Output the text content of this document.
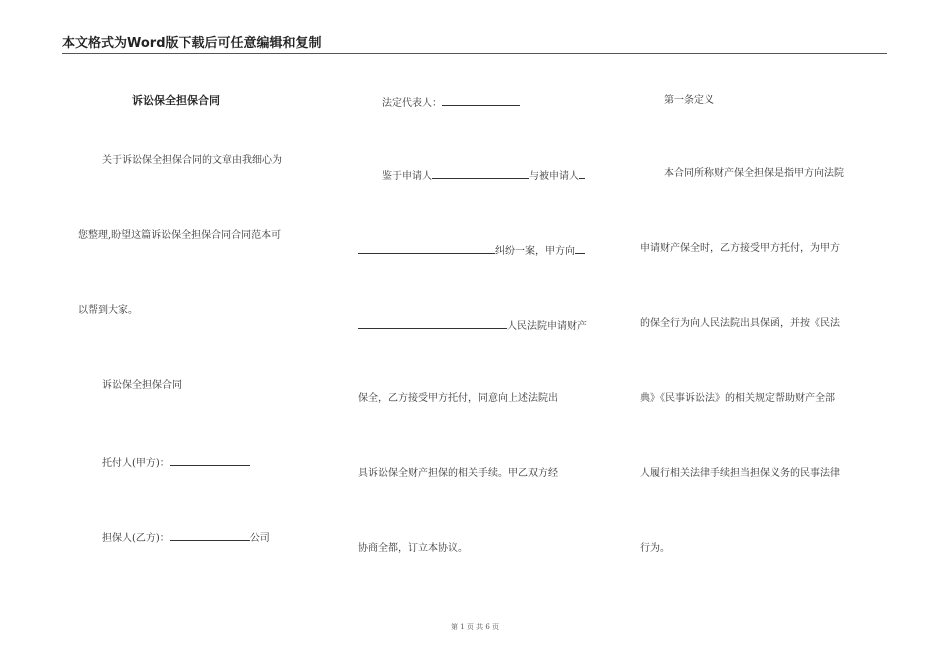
本文格式为Word版下载后可任意编辑和复制
诉讼保全担保合同
关于诉讼保全担保合同的文章由我细心为
您整理,盼望这篇诉讼保全担保合同合同范本可
以帮到大家。
诉讼保全担保合同
托付人(甲方)：
担保人(乙方)：	公司
法定代表人：
鉴于申请人	与被申请人
纠纷一案，甲方向
人民法院申请财产
保全，乙方接受甲方托付，同意向上述法院出
具诉讼保全财产担保的相关手续。甲乙双方经
协商全都，订立本协议。
第一条定义
本合同所称财产保全担保是指甲方向法院
申请财产保全时，乙方接受甲方托付，为甲方
的保全行为向人民法院出具保函，并按《民法
典》《民事诉讼法》的相关规定帮助财产全部
人履行相关法律手续担当担保义务的民事法律
行为。
第 1 页 共 6 页
